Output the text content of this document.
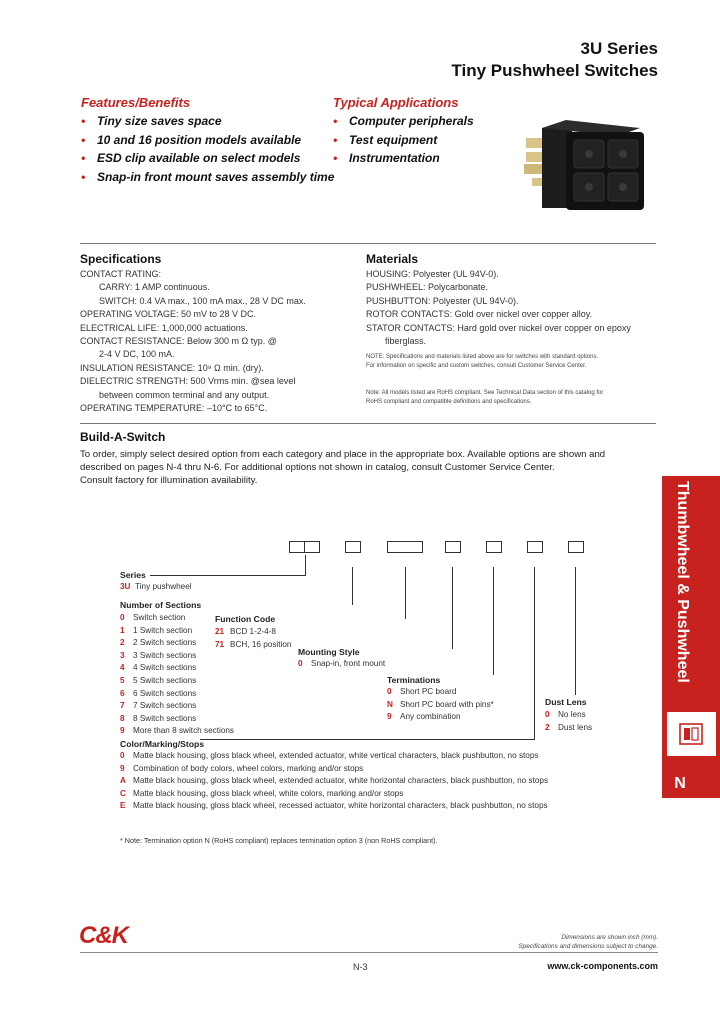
3U Series
Tiny Pushwheel Switches
Features/Benefits
• Tiny size saves space
• 10 and 16 position models available
• ESD clip available on select models
• Snap-in front mount saves assembly time
Typical Applications
• Computer peripherals
• Test equipment
• Instrumentation
Specifications
CONTACT RATING:
CARRY: 1 AMP continuous.
SWITCH: 0.4 VA max., 100 mA max., 28 V DC max.
OPERATING VOLTAGE: 50 mV to 28 V DC.
ELECTRICAL LIFE: 1,000,000 actuations.
CONTACT RESISTANCE: Below 300 m Ω typ. @
2-4 V DC, 100 mA.
INSULATION RESISTANCE: 10⁹ Ω min. (dry).
DIELECTRIC STRENGTH: 500 Vrms min. @sea level
between common terminal and any output.
OPERATING TEMPERATURE: –10°C to 65°C.
Materials
HOUSING: Polyester (UL 94V-0).
PUSHWHEEL: Polycarbonate.
PUSHBUTTON: Polyester (UL 94V-0).
ROTOR CONTACTS: Gold over nickel over copper alloy.
STATOR CONTACTS: Hard gold over nickel over copper on epoxy
fiberglass.
NOTE: Specifications and materials listed above are for switches with standard options.
For information on specific and custom switches, consult Customer Service Center.
Note: All models listed are RoHS compliant. See Technical Data section of this catalog for
RoHS compliant and compatible definitions and specifications.
Build-A-Switch
To order, simply select desired option from each category and place in the appropriate box. Available options are shown and
described on pages N-4 thru N-6. For additional options not shown in catalog, consult Customer Service Center.
Consult factory for illumination availability.
Series
3U Tiny pushwheel
Number of Sections
0 Switch section
1 1 Switch section
2 2 Switch sections
3 3 Switch sections
4 4 Switch sections
5 5 Switch sections
6 6 Switch sections
7 7 Switch sections
8 8 Switch sections
9 More than 8 switch sections
Function Code
21 BCD 1-2-4-8
71 BCH, 16 position
Mounting Style
0 Snap-in, front mount
Terminations
0 Short PC board
N Short PC board with pins*
9 Any combination
Dust Lens
0 No lens
2 Dust lens
Color/Marking/Stops
0 Matte black housing, gloss black wheel, extended actuator, white vertical characters, black pushbutton, no stops
9 Combination of body colors, wheel colors, marking and/or stops
A Matte black housing, gloss black wheel, extended actuator, white horizontal characters, black pushbutton, no stops
C Matte black housing, gloss black wheel, white colors, marking and/or stops
E Matte black housing, gloss black wheel, recessed actuator, white horizontal characters, black pushbutton, no stops
* Note: Termination option N (RoHS compliant) replaces termination option 3 (non RoHS compliant).
Thumbwheel & Pushwheel
N
C&K	Dimensions are shown inch (mm).
Specifications and dimensions subject to change.
N-3	www.ck-components.com
